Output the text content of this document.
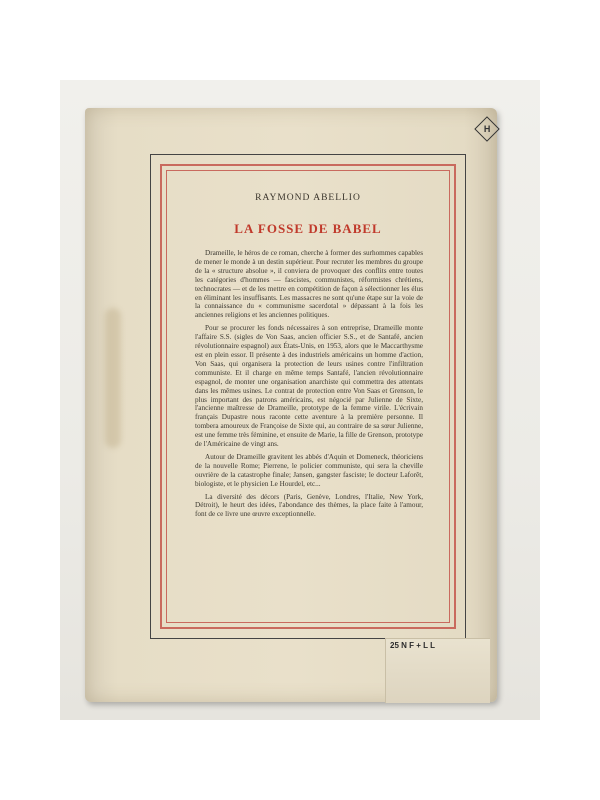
H
RAYMOND ABELLIO
LA FOSSE DE BABEL

Drameille, le héros de ce roman, cherche à former des surhommes capables de mener le monde à un destin supérieur. Pour recruter les membres du groupe de la « structure absolue », il conviera de provoquer des conflits entre toutes les catégories d'hommes — fascistes, communistes, réformistes chrétiens, technocrates — et de les mettre en compétition de façon à sélectionner les élus en éliminant les insuffisants. Les massacres ne sont qu'une étape sur la voie de la connaissance du « communisme sacerdotal » dépassant à la fois les anciennes religions et les anciennes politiques.

Pour se procurer les fonds nécessaires à son entreprise, Drameille monte l'affaire S.S. (sigles de Von Saas, ancien officier S.S., et de Santafé, ancien révolutionnaire espagnol) aux États-Unis, en 1953, alors que le Maccarthysme est en plein essor. Il présente à des industriels américains un homme d'action, Von Saas, qui organisera la protection de leurs usines contre l'infiltration communiste. Et il charge en même temps Santafé, l'ancien révolutionnaire espagnol, de monter une organisation anarchiste qui commettra des attentats dans les mêmes usines. Le contrat de protection entre Von Saas et Grenson, le plus important des patrons américains, est négocié par Julienne de Sixte, l'ancienne maîtresse de Drameille, prototype de la femme virile. L'écrivain français Dupastre nous raconte cette aventure à la première personne. Il tombera amoureux de Françoise de Sixte qui, au contraire de sa sœur Julienne, est une femme très féminine, et ensuite de Marie, la fille de Grenson, prototype de l'Américaine de vingt ans.

Autour de Drameille gravitent les abbés d'Aquin et Domeneck, théoriciens de la nouvelle Rome; Pierrene, le policier communiste, qui sera la cheville ouvrière de la catastrophe finale; Jansen, gangster fasciste; le docteur Laforêt, biologiste, et le physicien Le Hourdel, etc...

La diversité des décors (Paris, Genève, Londres, l'Italie, New York, Détroit), le heurt des idées, l'abondance des thèmes, la place faite à l'amour, font de ce livre une œuvre exceptionnelle.

25 N F + L L
